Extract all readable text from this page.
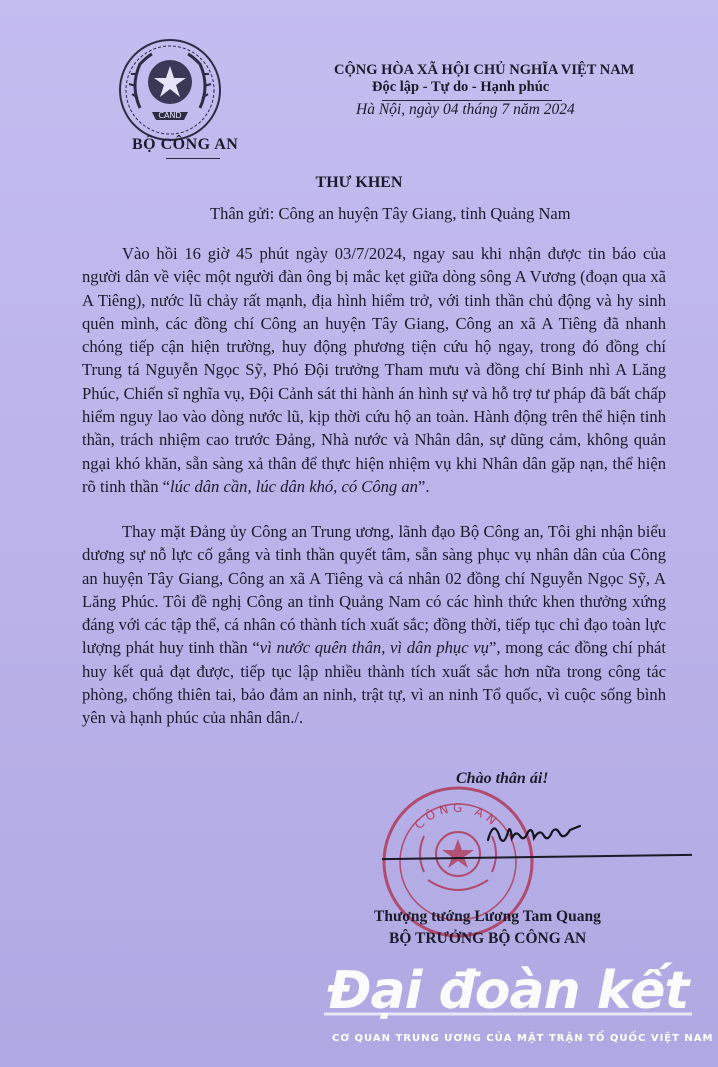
CAND
BỘ CÔNG AN
CỘNG HÒA XÃ HỘI CHỦ NGHĨA VIỆT NAM
Độc lập - Tự do - Hạnh phúc
Hà Nội, ngày 04 tháng 7 năm 2024
THƯ KHEN
Thân gửi: Công an huyện Tây Giang, tỉnh Quảng Nam

Vào hồi 16 giờ 45 phút ngày 03/7/2024, ngay sau khi nhận được tin báo của người dân về việc một người đàn ông bị mắc kẹt giữa dòng sông A Vương (đoạn qua xã A Tiêng), nước lũ chảy rất mạnh, địa hình hiểm trở, với tinh thần chủ động và hy sinh quên mình, các đồng chí Công an huyện Tây Giang, Công an xã A Tiêng đã nhanh chóng tiếp cận hiện trường, huy động phương tiện cứu hộ ngay, trong đó đồng chí Trung tá Nguyễn Ngọc Sỹ, Phó Đội trưởng Tham mưu và đồng chí Binh nhì A Lăng Phúc, Chiến sĩ nghĩa vụ, Đội Cảnh sát thi hành án hình sự và hỗ trợ tư pháp đã bất chấp hiểm nguy lao vào dòng nước lũ, kịp thời cứu hộ an toàn. Hành động trên thể hiện tinh thần, trách nhiệm cao trước Đảng, Nhà nước và Nhân dân, sự dũng cảm, không quản ngại khó khăn, sẵn sàng xả thân để thực hiện nhiệm vụ khi Nhân dân gặp nạn, thể hiện rõ tinh thần “lúc dân cần, lúc dân khó, có Công an”.

Thay mặt Đảng ủy Công an Trung ương, lãnh đạo Bộ Công an, Tôi ghi nhận biểu dương sự nỗ lực cố gắng và tinh thần quyết tâm, sẵn sàng phục vụ nhân dân của Công an huyện Tây Giang, Công an xã A Tiêng và cá nhân 02 đồng chí Nguyễn Ngọc Sỹ, A Lăng Phúc. Tôi đề nghị Công an tỉnh Quảng Nam có các hình thức khen thưởng xứng đáng với các tập thể, cá nhân có thành tích xuất sắc; đồng thời, tiếp tục chỉ đạo toàn lực lượng phát huy tinh thần “vì nước quên thân, vì dân phục vụ”, mong các đồng chí phát huy kết quả đạt được, tiếp tục lập nhiều thành tích xuất sắc hơn nữa trong công tác phòng, chống thiên tai, bảo đảm an ninh, trật tự, vì an ninh Tổ quốc, vì cuộc sống bình yên và hạnh phúc của nhân dân./.

Chào thân ái!
CÔNG AN
Thượng tướng Lương Tam Quang
BỘ TRƯỞNG BỘ CÔNG AN
Đại đoàn kết
CƠ QUAN TRUNG ƯƠNG CỦA MẶT TRẬN TỔ QUỐC VIỆT NAM
